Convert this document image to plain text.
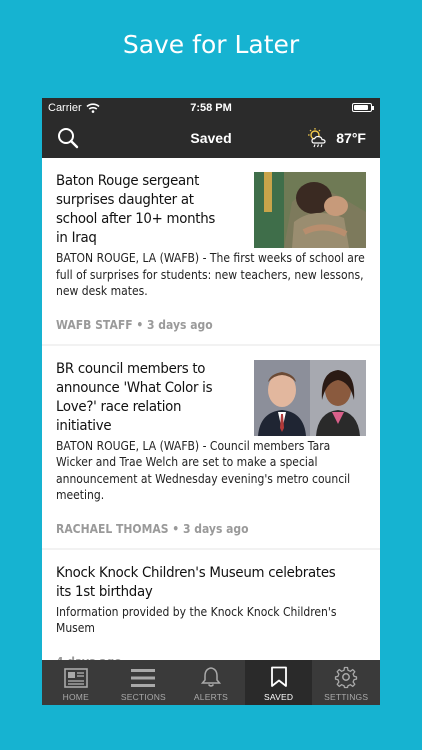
Save for Later
Carrier	7:58 PM
Saved	87°F
Baton Rouge sergeant surprises daughter at school after 10+ months in Iraq
BATON ROUGE, LA (WAFB) - The first weeks of school are full of surprises for students: new teachers, new lessons, new desk mates.
WAFB STAFF • 3 days ago
BR council members to announce 'What Color is Love?' race relation initiative
BATON ROUGE, LA (WAFB) - Council members Tara Wicker and Trae Welch are set to make a special announcement at Wednesday evening's metro council meeting.
RACHAEL THOMAS • 3 days ago
Knock Knock Children's Museum celebrates its 1st birthday
Information provided by the Knock Knock Children's Musem
HOME	SECTIONS	ALERTS	SAVED	SETTINGS
